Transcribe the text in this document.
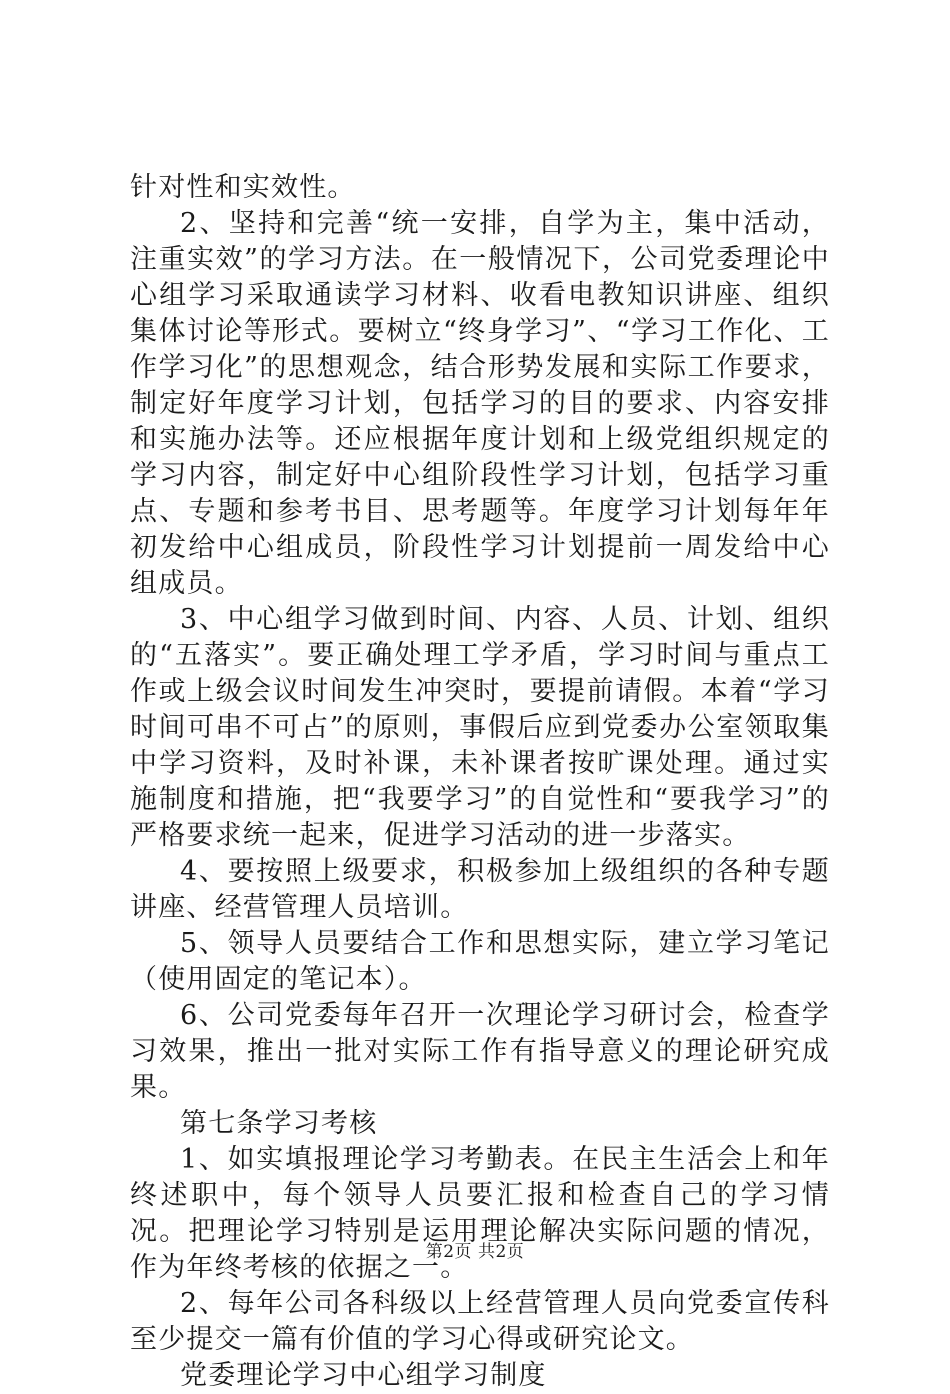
针对性和实效性。

2、坚持和完善“统一安排，自学为主，集中活动，注重实效”的学习方法。在一般情况下，公司党委理论中心组学习采取通读学习材料、收看电教知识讲座、组织集体讨论等形式。要树立“终身学习”、“学习工作化、工作学习化”的思想观念，结合形势发展和实际工作要求，制定好年度学习计划，包括学习的目的要求、内容安排和实施办法等。还应根据年度计划和上级党组织规定的学习内容，制定好中心组阶段性学习计划，包括学习重点、专题和参考书目、思考题等。年度学习计划每年年初发给中心组成员，阶段性学习计划提前一周发给中心组成员。

3、中心组学习做到时间、内容、人员、计划、组织的“五落实”。要正确处理工学矛盾，学习时间与重点工作或上级会议时间发生冲突时，要提前请假。本着“学习时间可串不可占”的原则，事假后应到党委办公室领取集中学习资料，及时补课，未补课者按旷课处理。通过实施制度和措施，把“我要学习”的自觉性和“要我学习”的严格要求统一起来，促进学习活动的进一步落实。

4、要按照上级要求，积极参加上级组织的各种专题讲座、经营管理人员培训。

5、领导人员要结合工作和思想实际，建立学习笔记（使用固定的笔记本）。

6、公司党委每年召开一次理论学习研讨会，检查学习效果，推出一批对实际工作有指导意义的理论研究成果。

第七条学习考核

1、如实填报理论学习考勤表。在民主生活会上和年终述职中，每个领导人员要汇报和检查自己的学习情况。把理论学习特别是运用理论解决实际问题的情况，作为年终考核的依据之一。

2、每年公司各科级以上经营管理人员向党委宣传科至少提交一篇有价值的学习心得或研究论文。

党委理论学习中心组学习制度

第2页 共2页
